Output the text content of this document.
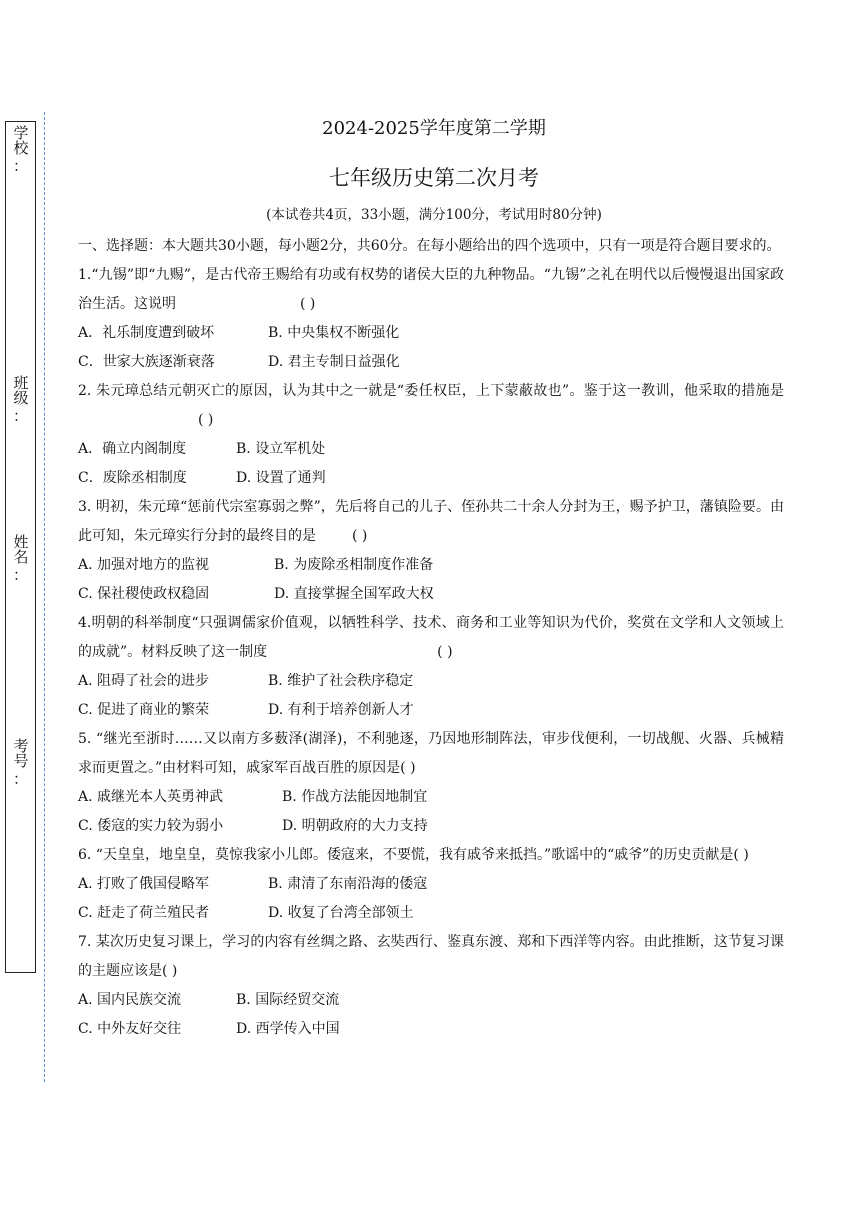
学校
：
班级
：
姓名
：
考号
：
2024-2025学年度第二学期
七年级历史第二次月考
(本试卷共4页，33小题，满分100分，考试用时80分钟)

一、选择题：本大题共30小题，每小题2分，共60分。在每小题给出的四个选项中，只有一项是符合题目要求的。

1.“九锡”即“九赐”，是古代帝王赐给有功或有权势的诸侯大臣的九种物品。“九锡”之礼在明代以后慢慢退出国家政治生活。这说明	( )

A．礼乐制度遭到破坏	B. 中央集权不断强化

C．世家大族逐渐衰落	D. 君主专制日益强化

2. 朱元璋总结元朝灭亡的原因，认为其中之一就是“委任权臣，上下蒙蔽故也”。鉴于这一教训，他采取的措施是( )

A．确立内阁制度	B. 设立军机处

C．废除丞相制度	D. 设置了通判

3. 明初，朱元璋“惩前代宗室寡弱之弊”，先后将自己的儿子、侄孙共二十余人分封为王，赐予护卫，藩镇险要。由此可知，朱元璋实行分封的最终目的是	( )

A. 加强对地方的监视	B. 为废除丞相制度作准备

C. 保社稷使政权稳固	D. 直接掌握全国军政大权

4.明朝的科举制度“只强调儒家价值观，以牺牲科学、技术、商务和工业等知识为代价，奖赏在文学和人文领域上的成就”。材料反映了这一制度	( )

A. 阻碍了社会的进步	B. 维护了社会秩序稳定

C. 促进了商业的繁荣	D. 有利于培养创新人才

5. “继光至浙时……又以南方多薮泽(湖泽)，不利驰逐，乃因地形制阵法，审步伐便利，一切战舰、火器、兵械精求而更置之。”由材料可知，戚家军百战百胜的原因是( )

A. 戚继光本人英勇神武	B. 作战方法能因地制宜

C. 倭寇的实力较为弱小	D. 明朝政府的大力支持

6. “天皇皇，地皇皇，莫惊我家小儿郎。倭寇来，不要慌，我有戚爷来抵挡。”歌谣中的“戚爷”的历史贡献是( )

A. 打败了俄国侵略军	B. 肃清了东南沿海的倭寇

C. 赶走了荷兰殖民者	D. 收复了台湾全部领土

7. 某次历史复习课上，学习的内容有丝绸之路、玄奘西行、鉴真东渡、郑和下西洋等内容。由此推断，这节复习课的主题应该是( )

A. 国内民族交流	B. 国际经贸交流

C. 中外友好交往	D. 西学传入中国
